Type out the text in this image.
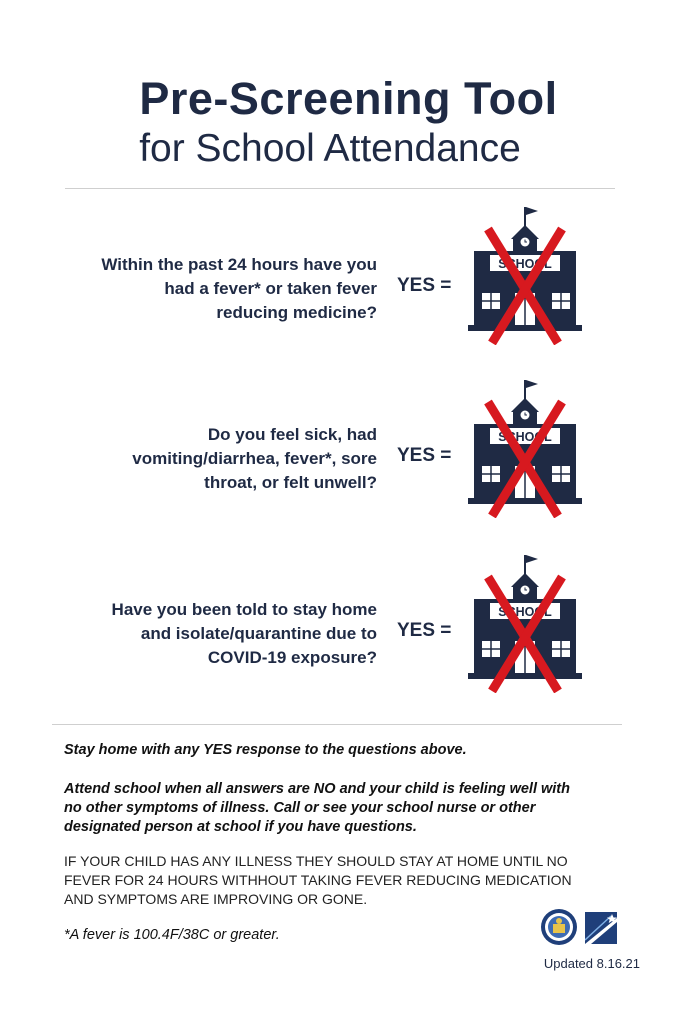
Pre-Screening Tool
for School Attendance
Within the past 24 hours have you
had a fever* or taken fever
reducing medicine?
YES =
SCHOOL
Do you feel sick, had
vomiting/diarrhea, fever*, sore
throat, or felt unwell?
YES =
SCHOOL
Have you been told to stay home
and isolate/quarantine due to
COVID-19 exposure?
YES =
SCHOOL
Stay home with any YES response to the questions above.
Attend school when all answers are NO and your child is feeling well with
no other symptoms of illness. Call or see your school nurse or other
designated person at school if you have questions.
IF YOUR CHILD HAS ANY ILLNESS THEY SHOULD STAY AT HOME UNTIL NO
FEVER FOR 24 HOURS WITHHOUT TAKING FEVER REDUCING MEDICATION
AND SYMPTOMS ARE IMPROVING OR GONE.
*A fever is 100.4F/38C or greater.
Updated 8.16.21
